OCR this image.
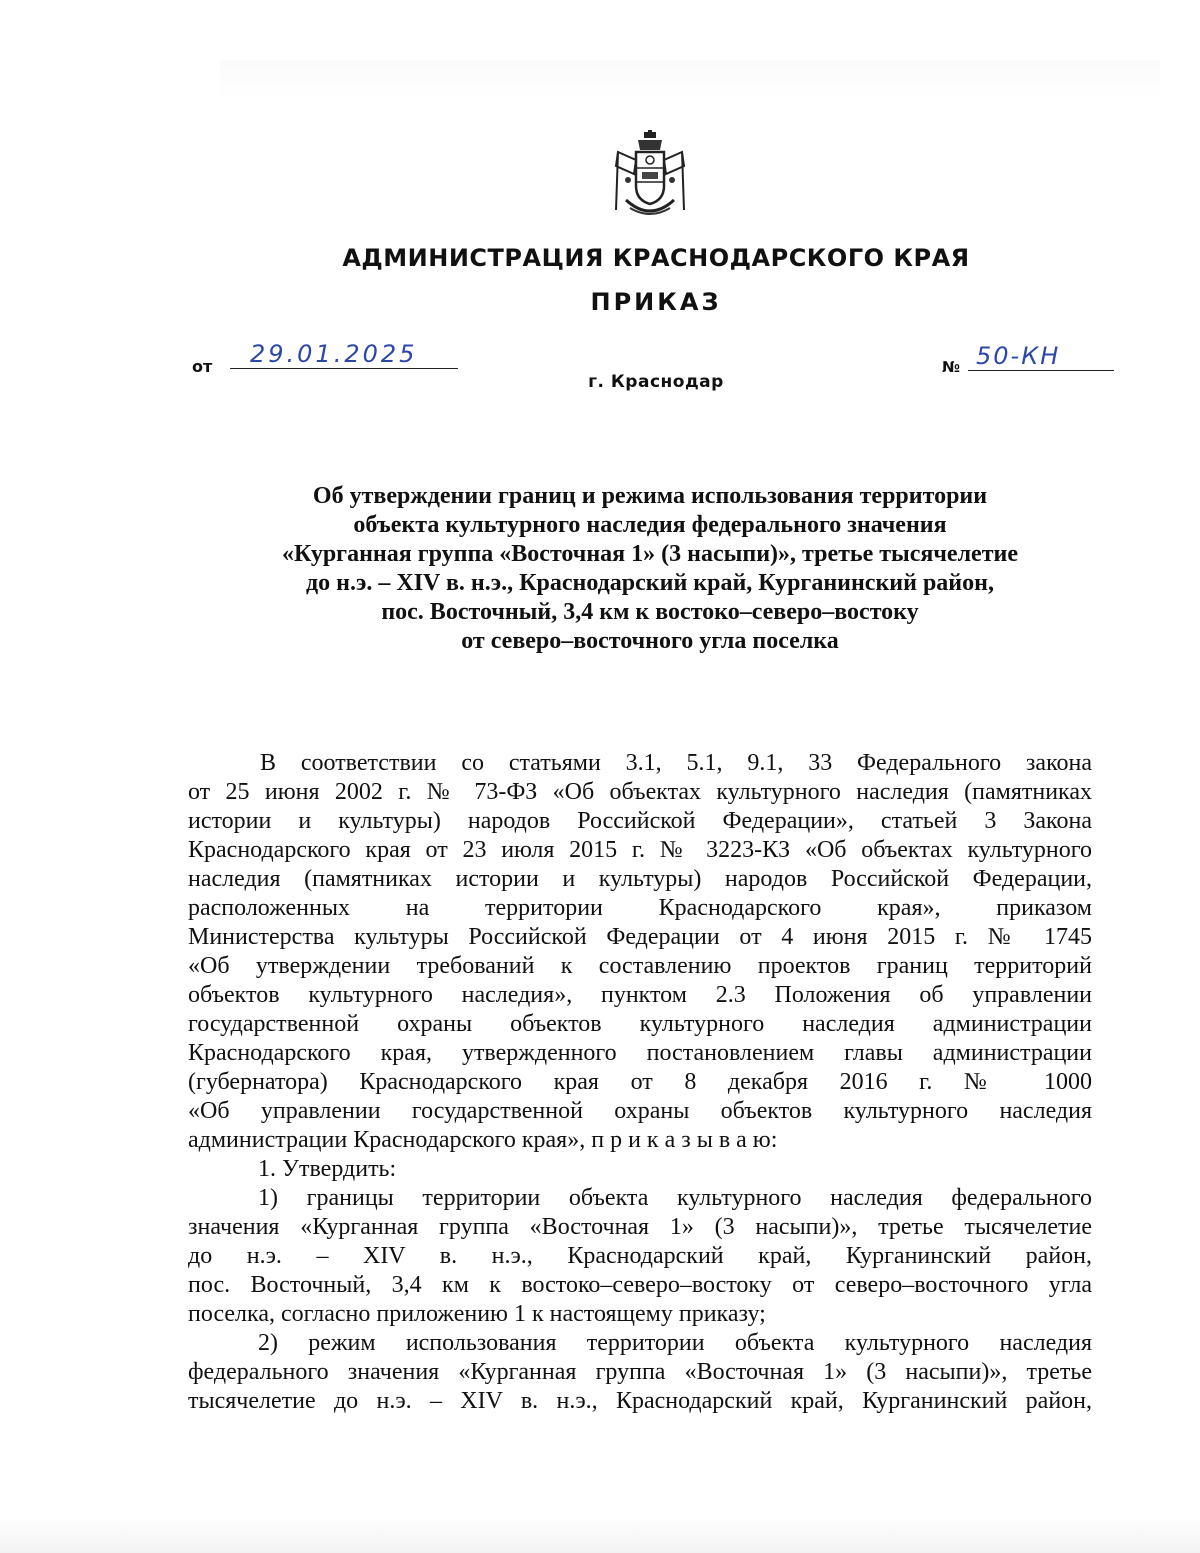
АДМИНИСТРАЦИЯ КРАСНОДАРСКОГО КРАЯ
ПРИКАЗ
от 29.01.2025
г. Краснодар
№ 50-КН
Об утверждении границ и режима использования территории
объекта культурного наследия федерального значения
«Курганная группа «Восточная 1» (3 насыпи)», третье тысячелетие
до н.э. – XIV в. н.э., Краснодарский край, Курганинский район,
пос. Восточный, 3,4 км к востоко–северо–востоку
от северо–восточного угла поселка
В соответствии со статьями 3.1, 5.1, 9.1, 33 Федерального закона
от 25 июня 2002 г. № 73-ФЗ «Об объектах культурного наследия (памятниках
истории и культуры) народов Российской Федерации», статьей 3 Закона
Краснодарского края от 23 июля 2015 г. № 3223-КЗ «Об объектах культурного
наследия (памятниках истории и культуры) народов Российской Федерации,
расположенных на территории Краснодарского края», приказом
Министерства культуры Российской Федерации от 4 июня 2015 г. № 1745
«Об утверждении требований к составлению проектов границ территорий
объектов культурного наследия», пунктом 2.3 Положения об управлении
государственной охраны объектов культурного наследия администрации
Краснодарского края, утвержденного постановлением главы администрации
(губернатора) Краснодарского края от 8 декабря 2016 г. № 1000
«Об управлении государственной охраны объектов культурного наследия
администрации Краснодарского края», п р и к а з ы в а ю:
1. Утвердить:
1) границы территории объекта культурного наследия федерального
значения «Курганная группа «Восточная 1» (3 насыпи)», третье тысячелетие
до н.э. – XIV в. н.э., Краснодарский край, Курганинский район,
пос. Восточный, 3,4 км к востоко–северо–востоку от северо–восточного угла
поселка, согласно приложению 1 к настоящему приказу;
2) режим использования территории объекта культурного наследия
федерального значения «Курганная группа «Восточная 1» (3 насыпи)», третье
тысячелетие до н.э. – XIV в. н.э., Краснодарский край, Курганинский район,
